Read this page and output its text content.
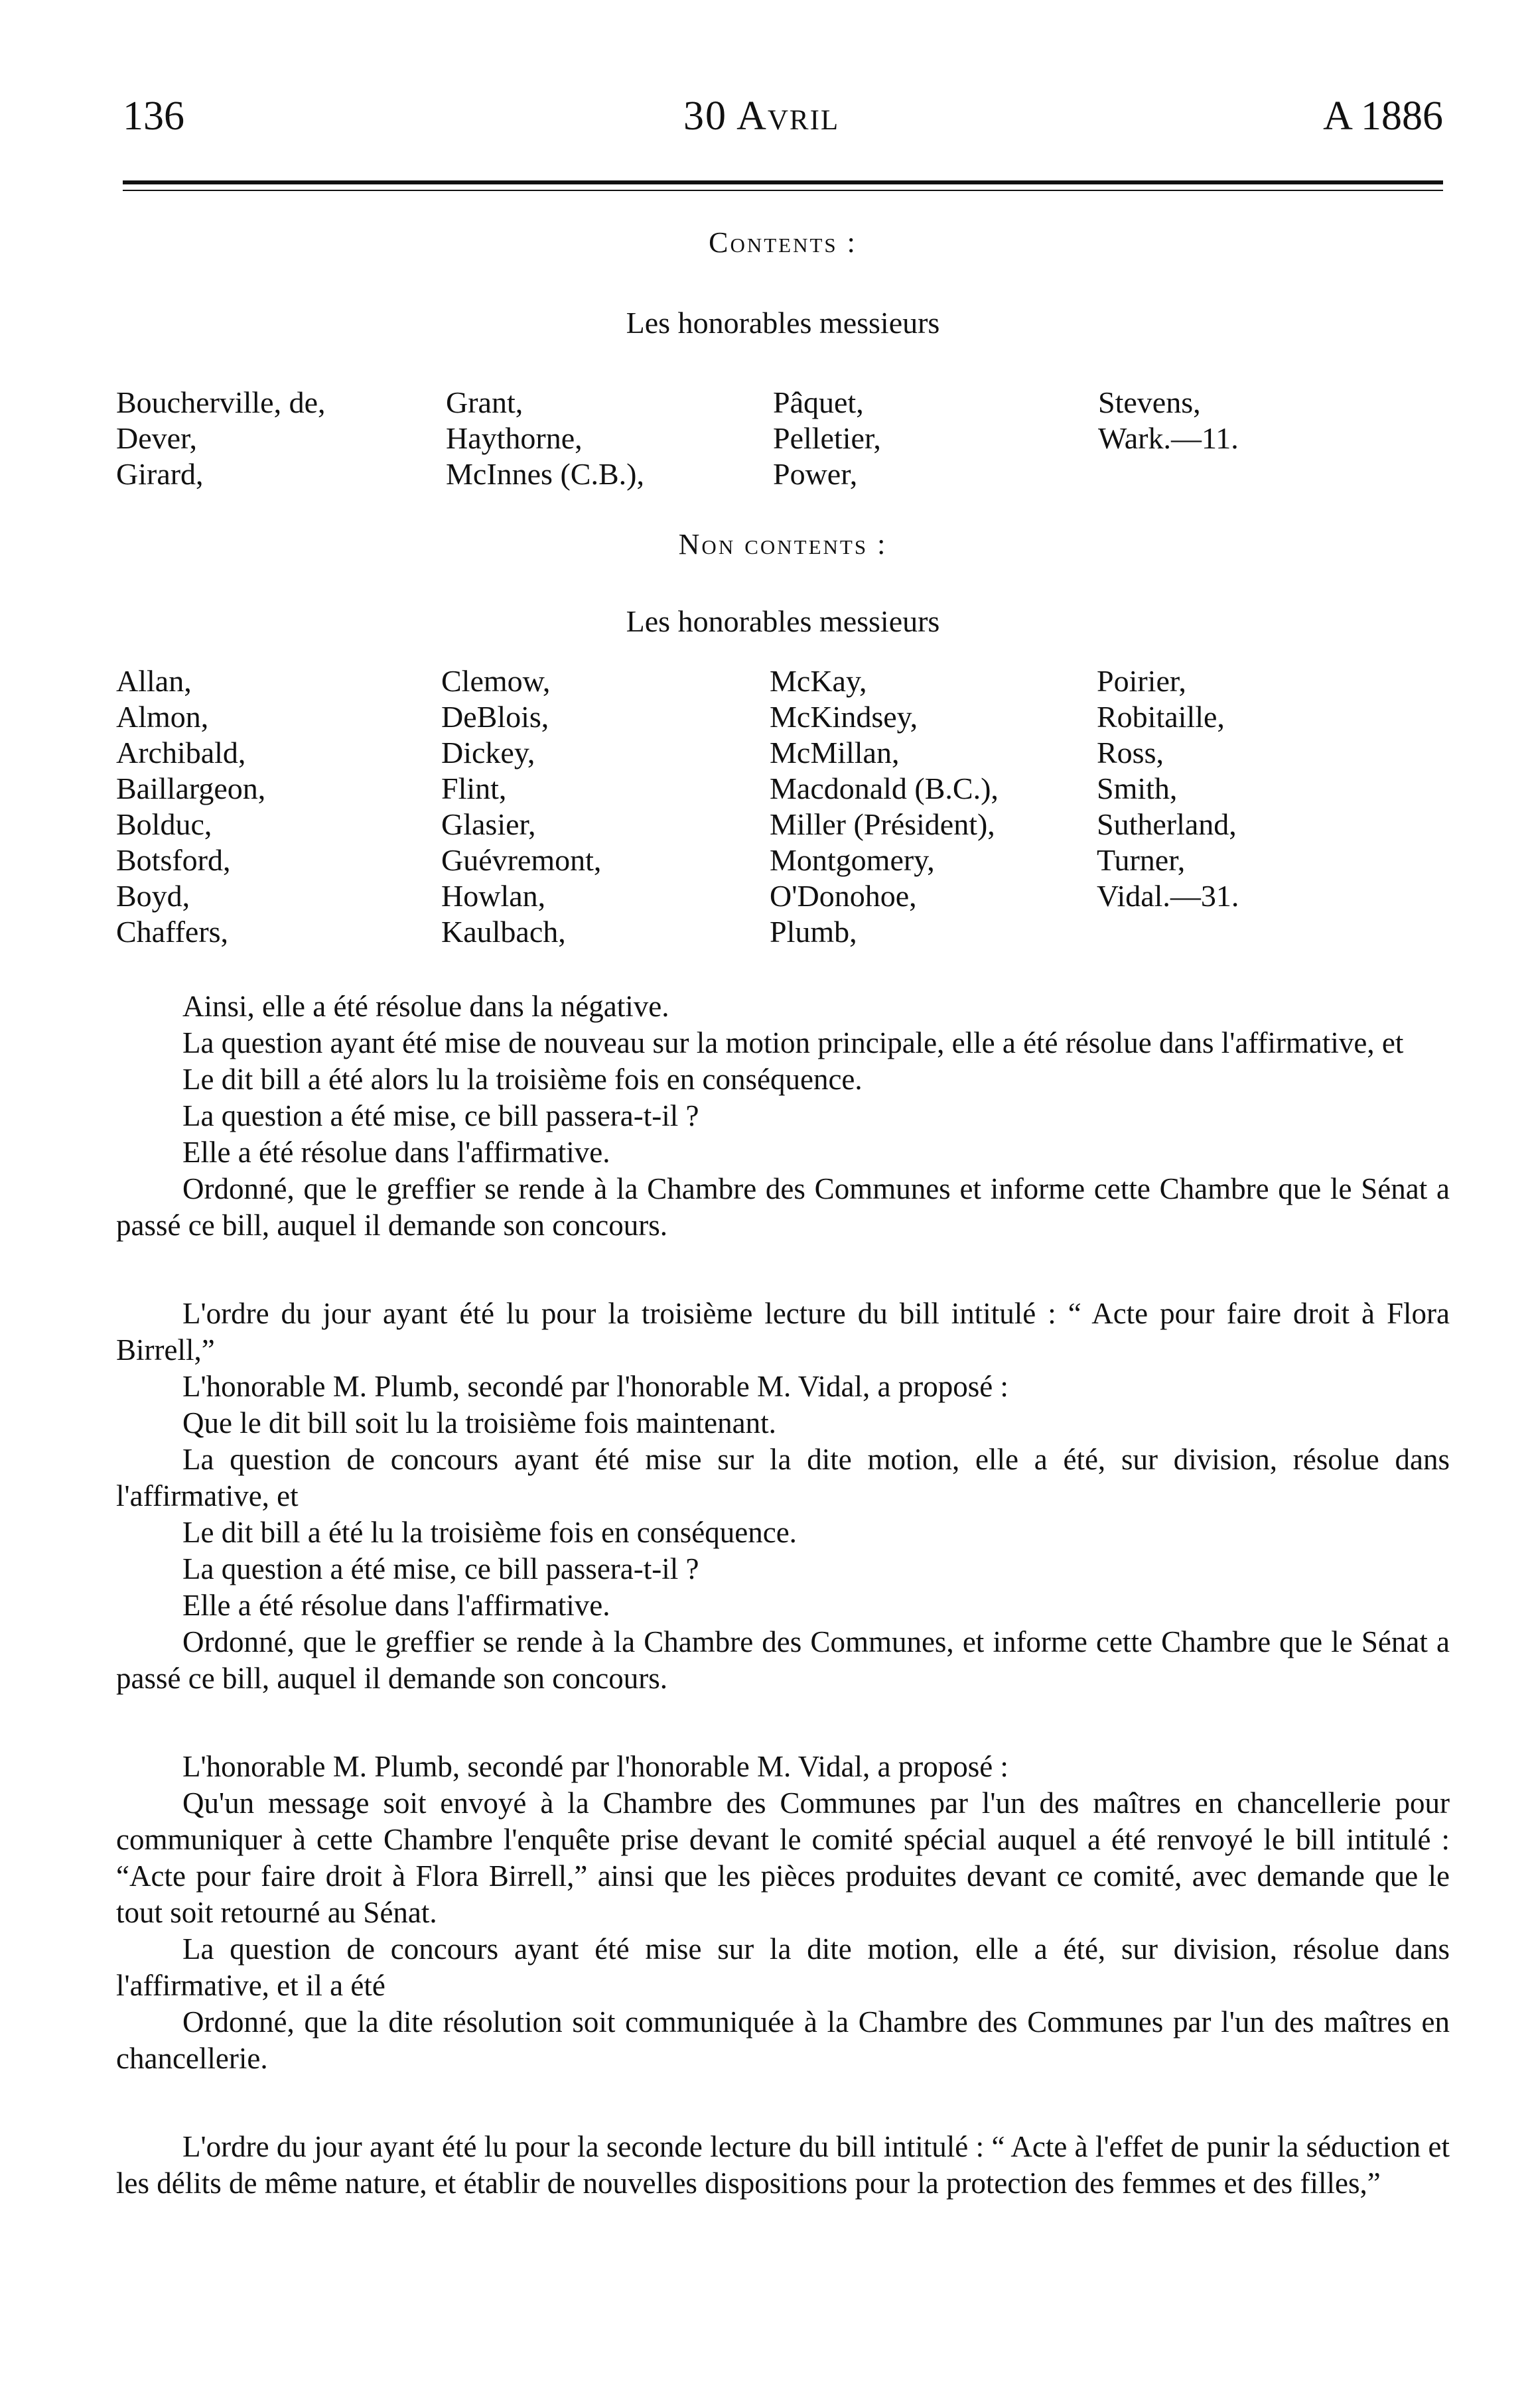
136	30 Avril	A 1886
Contents :
Les honorables messieurs
Boucherville, de,
Dever,
Girard,
Grant,
Haythorne,
McInnes (C.B.),
Pâquet,
Pelletier,
Power,
Stevens,
Wark.—11.
Non contents :
Les honorables messieurs
Allan,
Almon,
Archibald,
Baillargeon,
Bolduc,
Botsford,
Boyd,
Chaffers,
Clemow,
DeBlois,
Dickey,
Flint,
Glasier,
Guévremont,
Howlan,
Kaulbach,
McKay,
McKindsey,
McMillan,
Macdonald (B.C.),
Miller (Président),
Montgomery,
O'Donohoe,
Plumb,
Poirier,
Robitaille,
Ross,
Smith,
Sutherland,
Turner,
Vidal.—31.

Ainsi, elle a été résolue dans la négative.

La question ayant été mise de nouveau sur la motion principale, elle a été résolue dans l'affirmative, et

Le dit bill a été alors lu la troisième fois en conséquence.

La question a été mise, ce bill passera-t-il ?

Elle a été résolue dans l'affirmative.

Ordonné, que le greffier se rende à la Chambre des Communes et informe cette Chambre que le Sénat a passé ce bill, auquel il demande son concours.

L'ordre du jour ayant été lu pour la troisième lecture du bill intitulé : “ Acte pour faire droit à Flora Birrell,”

L'honorable M. Plumb, secondé par l'honorable M. Vidal, a proposé :

Que le dit bill soit lu la troisième fois maintenant.

La question de concours ayant été mise sur la dite motion, elle a été, sur division, résolue dans l'affirmative, et

Le dit bill a été lu la troisième fois en conséquence.

La question a été mise, ce bill passera-t-il ?

Elle a été résolue dans l'affirmative.

Ordonné, que le greffier se rende à la Chambre des Communes, et informe cette Chambre que le Sénat a passé ce bill, auquel il demande son concours.

L'honorable M. Plumb, secondé par l'honorable M. Vidal, a proposé :

Qu'un message soit envoyé à la Chambre des Communes par l'un des maîtres en chancellerie pour communiquer à cette Chambre l'enquête prise devant le comité spécial auquel a été renvoyé le bill intitulé : “Acte pour faire droit à Flora Birrell,” ainsi que les pièces produites devant ce comité, avec demande que le tout soit retourné au Sénat.

La question de concours ayant été mise sur la dite motion, elle a été, sur division, résolue dans l'affirmative, et il a été

Ordonné, que la dite résolution soit communiquée à la Chambre des Communes par l'un des maîtres en chancellerie.

L'ordre du jour ayant été lu pour la seconde lecture du bill intitulé : “ Acte à l'effet de punir la séduction et les délits de même nature, et établir de nouvelles dispositions pour la protection des femmes et des filles,”
